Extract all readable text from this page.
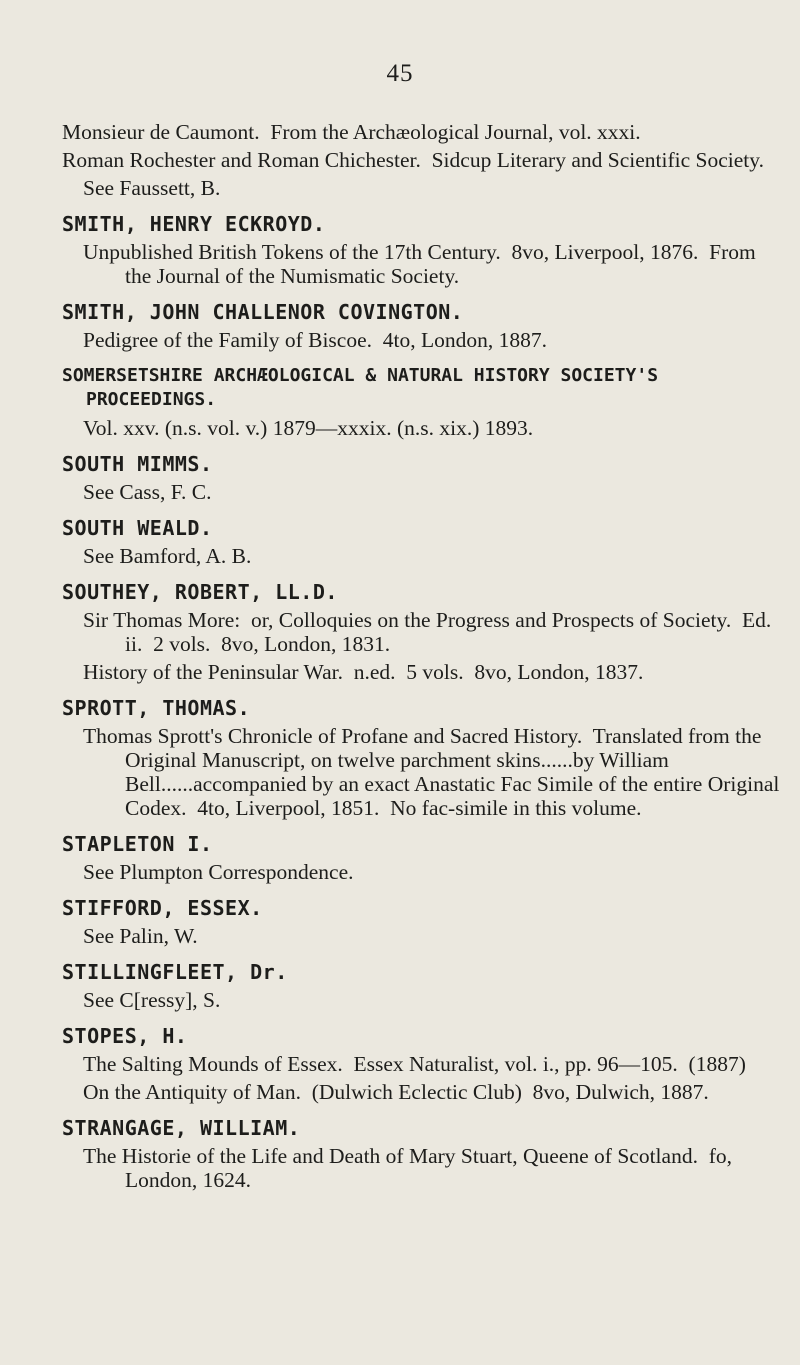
45

Monsieur de Caumont.  From the Archæological Journal, vol. xxxi.

Roman Rochester and Roman Chichester.  Sidcup Literary and Scientific Society.

See Faussett, B.

SMITH, HENRY ECKROYD.

Unpublished British Tokens of the 17th Century.  8vo, Liverpool, 1876.  From the Journal of the Numismatic Society.

SMITH, JOHN CHALLENOR COVINGTON.

Pedigree of the Family of Biscoe.  4to, London, 1887.

SOMERSETSHIRE ARCHÆOLOGICAL & NATURAL HISTORY SOCIETY'S PROCEEDINGS.

Vol. xxv. (n.s. vol. v.) 1879—xxxix. (n.s. xix.) 1893.

SOUTH MIMMS.

See Cass, F. C.

SOUTH WEALD.

See Bamford, A. B.

SOUTHEY, ROBERT, LL.D.

Sir Thomas More:  or, Colloquies on the Progress and Prospects of Society.  Ed. ii.  2 vols.  8vo, London, 1831.

History of the Peninsular War.  n.ed.  5 vols.  8vo, London, 1837.

SPROTT, THOMAS.

Thomas Sprott's Chronicle of Profane and Sacred History.  Translated from the Original Manuscript, on twelve parchment skins......by William Bell......accompanied by an exact Anastatic Fac Simile of the entire Original Codex.  4to, Liverpool, 1851.  No fac-simile in this volume.

STAPLETON I.

See Plumpton Correspondence.

STIFFORD, ESSEX.

See Palin, W.

STILLINGFLEET, Dr.

See C[ressy], S.

STOPES, H.

The Salting Mounds of Essex.  Essex Naturalist, vol. i., pp. 96—105.  (1887)

On the Antiquity of Man.  (Dulwich Eclectic Club)  8vo, Dulwich, 1887.

STRANGAGE, WILLIAM.

The Historie of the Life and Death of Mary Stuart, Queene of Scotland.  fo, London, 1624.
